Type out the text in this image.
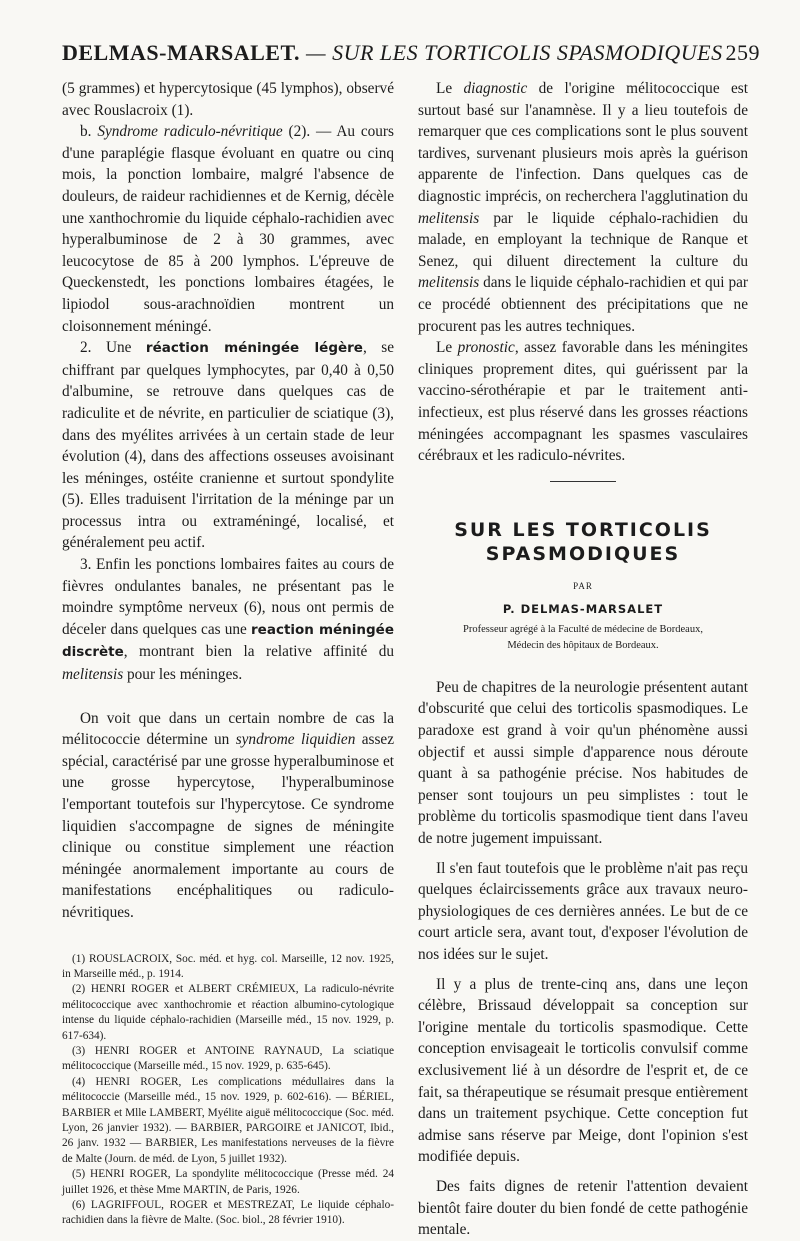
DELMAS-MARSALET. — SUR LES TORTICOLIS SPASMODIQUES 259

(5 grammes) et hypercytosique (45 lymphos), observé avec Rouslacroix (1).

b. Syndrome radiculo-névritique (2). — Au cours d'une paraplégie flasque évoluant en quatre ou cinq mois, la ponction lombaire, malgré l'absence de douleurs, de raideur rachidiennes et de Kernig, décèle une xanthochromie du liquide céphalo-rachidien avec hyperalbuminose de 2 à 30 grammes, avec leucocytose de 85 à 200 lymphos. L'épreuve de Queckenstedt, les ponctions lombaires étagées, le lipiodol sous-arachnoïdien montrent un cloisonnement méningé.

2. Une réaction méningée légère, se chiffrant par quelques lymphocytes, par 0,40 à 0,50 d'albumine, se retrouve dans quelques cas de radiculite et de névrite, en particulier de sciatique (3), dans des myélites arrivées à un certain stade de leur évolution (4), dans des affections osseuses avoisinant les méninges, ostéite cranienne et surtout spondylite (5). Elles traduisent l'irritation de la méninge par un processus intra ou extraméningé, localisé, et généralement peu actif.

3. Enfin les ponctions lombaires faites au cours de fièvres ondulantes banales, ne présentant pas le moindre symptôme nerveux (6), nous ont permis de déceler dans quelques cas une reaction méningée discrète, montrant bien la relative affinité du melitensis pour les méninges.

On voit que dans un certain nombre de cas la mélitococcie détermine un syndrome liquidien assez spécial, caractérisé par une grosse hyperalbuminose et une grosse hypercytose, l'hyperalbuminose l'emportant toutefois sur l'hypercytose. Ce syndrome liquidien s'accompagne de signes de méningite clinique ou constitue simplement une réaction méningée anormalement importante au cours de manifestations encéphalitiques ou radiculo-névritiques.

(1) ROUSLACROIX, Soc. méd. et hyg. col. Marseille, 12 nov. 1925, in Marseille méd., p. 1914.

(2) HENRI ROGER et ALBERT CRÉMIEUX, La radiculo-névrite mélitococcique avec xanthochromie et réaction albumino-cytologique intense du liquide céphalo-rachidien (Marseille méd., 15 nov. 1929, p. 617-634).

(3) HENRI ROGER et ANTOINE RAYNAUD, La sciatique mélitococcique (Marseille méd., 15 nov. 1929, p. 635-645).

(4) HENRI ROGER, Les complications médullaires dans la mélitococcie (Marseille méd., 15 nov. 1929, p. 602-616). — BÉRIEL, BARBIER et Mlle LAMBERT, Myélite aiguë mélitococcique (Soc. méd. Lyon, 26 janvier 1932). — BARBIER, PARGOIRE et JANICOT, Ibid., 26 janv. 1932 — BARBIER, Les manifestations nerveuses de la fièvre de Malte (Journ. de méd. de Lyon, 5 juillet 1932).

(5) HENRI ROGER, La spondylite mélitococcique (Presse méd. 24 juillet 1926, et thèse Mme MARTIN, de Paris, 1926.

(6) LAGRIFFOUL, ROGER et MESTREZAT, Le liquide céphalo-rachidien dans la fièvre de Malte. (Soc. biol., 28 février 1910).

Le diagnostic de l'origine mélitococcique est surtout basé sur l'anamnèse. Il y a lieu toutefois de remarquer que ces complications sont le plus souvent tardives, survenant plusieurs mois après la guérison apparente de l'infection. Dans quelques cas de diagnostic imprécis, on recherchera l'agglutination du melitensis par le liquide céphalo-rachidien du malade, en employant la technique de Ranque et Senez, qui diluent directement la culture du melitensis dans le liquide céphalo-rachidien et qui par ce procédé obtiennent des précipitations que ne procurent pas les autres techniques.

Le pronostic, assez favorable dans les méningites cliniques proprement dites, qui guérissent par la vaccino-sérothérapie et par le traitement anti-infectieux, est plus réservé dans les grosses réactions méningées accompagnant les spasmes vasculaires cérébraux et les radiculo-névrites.

SUR LES TORTICOLIS

SPASMODIQUES

PAR
P. DELMAS-MARSALET
Professeur agrégé à la Faculté de médecine de Bordeaux,
Médecin des hôpitaux de Bordeaux.

Peu de chapitres de la neurologie présentent autant d'obscurité que celui des torticolis spasmodiques. Le paradoxe est grand à voir qu'un phénomène aussi objectif et aussi simple d'apparence nous déroute quant à sa pathogénie précise. Nos habitudes de penser sont toujours un peu simplistes : tout le problème du torticolis spasmodique tient dans l'aveu de notre jugement impuissant.

Il s'en faut toutefois que le problème n'ait pas reçu quelques éclaircissements grâce aux travaux neuro-physiologiques de ces dernières années. Le but de ce court article sera, avant tout, d'exposer l'évolution de nos idées sur le sujet.

Il y a plus de trente-cinq ans, dans une leçon célèbre, Brissaud développait sa conception sur l'origine mentale du torticolis spasmodique. Cette conception envisageait le torticolis convulsif comme exclusivement lié à un désordre de l'esprit et, de ce fait, sa thérapeutique se résumait presque entièrement dans un traitement psychique. Cette conception fut admise sans réserve par Meige, dont l'opinion s'est modifiée depuis.

Des faits dignes de retenir l'attention devaient bientôt faire douter du bien fondé de cette pathogénie mentale.
